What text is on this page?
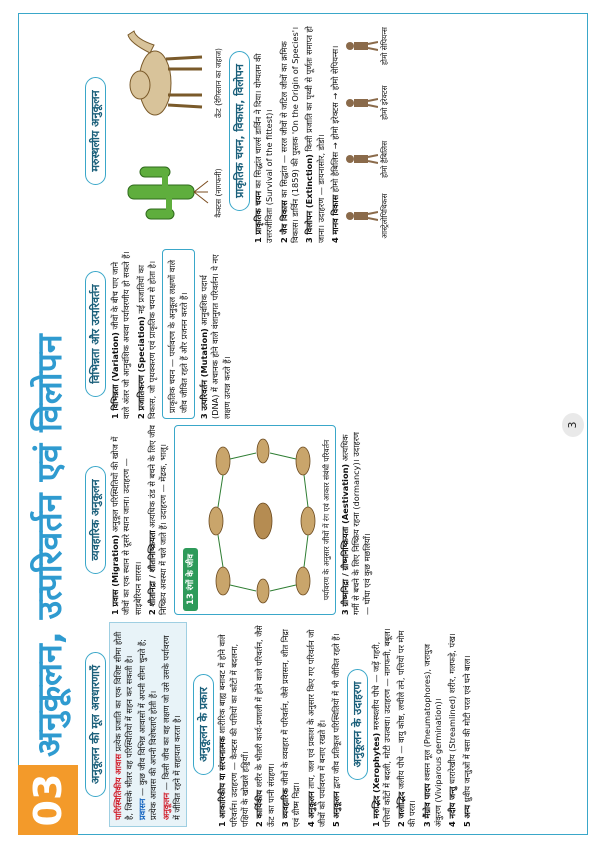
03
अनुकूलन, उत्परिवर्तन एवं विलोपन	अनुकूलन की मूल अवधारणाएँ

पारिस्थितिकीय आवास प्रत्येक प्रजाति का एक विशिष्ट सीमा होती है, जिसके भीतर वह परिस्थितियों में सहन कर सकती है। प्रवासन — कुछ जीव विभिन्न आवासों में अपनी सीमा चुनते हैं; प्रत्येक आवास की अपनी विशेषताएँ होती हैं। अनुकूलन — किसी जीव का वह लक्षण जो उसे उसके पर्यावरण में जीवित रहने में सहायता करता है।	अनुकूलन के प्रकार

1 आकारिकीय या संरचनात्मक शारीरिक बाह्य बनावट में होने वाले परिवर्तन। उदाहरण — कैक्टस की पत्तियों का काँटों में बदलना, पक्षियों के खोखले हड्डियाँ। 2 कार्यिकीय शरीर के भीतरी कार्य-प्रणाली में होने वाले परिवर्तन, जैसे ऊँट का पानी संग्रहण। 3 व्यवहारिक जीवों के व्यवहार में परिवर्तन, जैसे प्रवासन, शीत निद्रा एवं ग्रीष्म निद्रा। 4 अनुकूलन ताप, जल एवं प्रकाश के अनुसार किए गए परिवर्तन जो जीवों को पर्यावरण में बनाए रखते हैं। 5 अनुकूलन द्वारा जीव प्रतिकूल परिस्थितियों में भी जीवित रहते हैं। अनुकूलन के उदाहरण

1 मरुद्भिद (Xerophytes) मरुस्थलीय पौधे — जड़ें गहरी, पत्तियाँ काँटों में बदली, मोटी उपत्वचा। उदाहरण — नागफनी, बबूल। 2 जलोद्भिद जलीय पौधे — वायु कोष्ठ, लचीले तने, पत्तियों पर मोम की परत। 3 मैंग्रोव पादप श्वसन मूल (Pneumatophores), जरायुज अंकुरण (Viviparous germination)। 4 नदीय जन्तु धारारेखीय (Streamlined) शरीर, गलफड़े, पंख।

5 अन्य ध्रुवीय जन्तुओं में वसा की मोटी परत एवं घने बाल।

व्यवहारिक अनुकूलन

1 प्रवास (Migration) अनुकूल परिस्थितियों की खोज में जीवों का एक स्थान से दूसरे स्थान जाना। उदाहरण — साइबेरियन सारस। 2 शीतनिद्रा / शीतनिष्क्रियता अत्यधिक ठंड से बचने के लिए जीव निष्क्रिय अवस्था में चले जाते हैं। उदाहरण — मेंढक, भालू।	13 रंगों के जीव	पर्यावरण के अनुसार जीवों में रंग एवं आकार संबंधी परिवर्तन 3 ग्रीष्मनिद्रा / ग्रीष्मनिष्क्रियता (Aestivation) अत्यधिक गर्मी से बचने के लिए निष्क्रिय रहना (dormancy)। उदाहरण — घोंघा एवं कुछ मछलियाँ।

विभिन्नता और उत्परिवर्तन 1 विभिन्नता (Variation) जीवों के बीच पाए जाने वाले अंतर जो आनुवंशिक अथवा पर्यावरणीय हो सकते हैं। 2 प्रजातिकरण (Speciation) नई प्रजातियों का विकास, जो पृथक्करण एवं प्राकृतिक चयन से होता है।	प्राकृतिक चयन — पर्यावरण के अनुकूल लक्षणों वाले जीव जीवित रहते हैं और प्रजनन करते हैं।	3 उत्परिवर्तन (Mutation) आनुवंशिक पदार्थ (DNA) में अचानक होने वाले वंशानुगत परिवर्तन। ये नए लक्षण उत्पन्न करते हैं।

मरुस्थलीय अनुकूलन
कैक्टस (नागफनी)
ऊँट (रेगिस्तान का जहाज) प्राकृतिक चयन, विकास, विलोपन

1 प्राकृतिक चयन का सिद्धांत चार्ल्स डार्विन ने दिया। योग्यतम की उत्तरजीविता (Survival of the fittest)। 2 जैव विकास का सिद्धांत — सरल जीवों से जटिल जीवों का क्रमिक विकास। डार्विन (1859) की पुस्तक 'On the Origin of Species'। 3 विलोपन (Extinction) किसी प्रजाति का पृथ्वी से पूर्णतः समाप्त हो जाना। उदाहरण — डायनासोर, डोडो। 4 मानव विकास होमो हैबिलिस → होमो इरेक्टस → होमो सेपियन्स।

आस्ट्रेलोपिथिकस
होमो हैबिलिस
होमो इरेक्टस
होमो सेपियन्स
3
